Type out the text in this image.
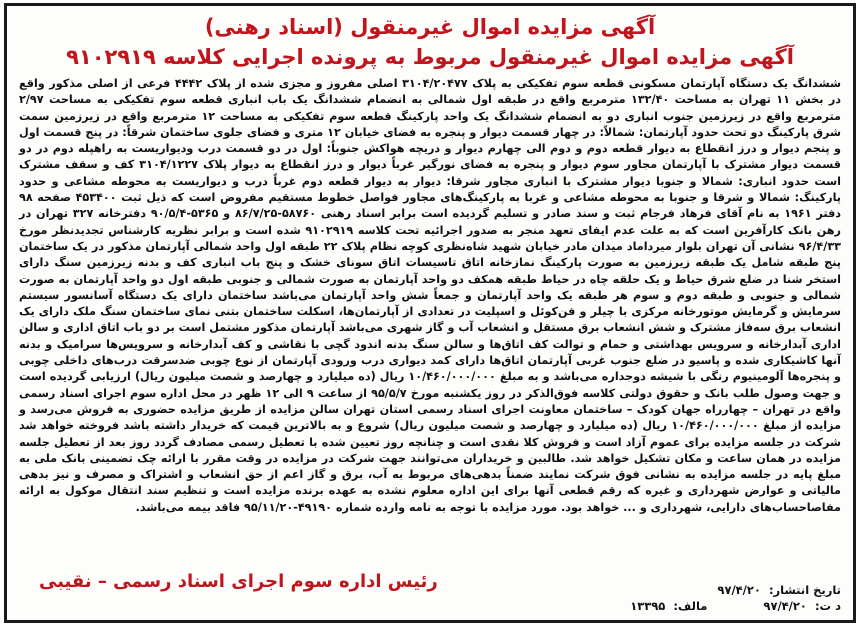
آگهی مزایده اموال غیرمنقول (اسناد رهنی)
آگهی مزایده اموال غیرمنقول مربوط به پرونده اجرایی کلاسه ۹۱۰۲۹۱۹

ششدانگ یک دستگاه آپارتمان مسکونی قطعه سوم تفکیکی به پلاک ۳۱۰۴/۲۰۴۷۷ اصلی مفروز و مجزی شده از پلاک ۴۴۴۲ فرعی از اصلی مذکور واقع در بخش ۱۱ تهران به مساحت ۱۳۲/۴۰ مترمربع واقع در طبقه اول شمالی به انضمام ششدانگ یک باب انباری قطعه سوم تفکیکی به مساحت ۲/۹۷ مترمربع واقع در زیرزمین جنوب انباری دو به انضمام ششدانگ یک واحد پارکینگ قطعه سوم تفکیکی به مساحت ۱۲ مترمربع واقع در زیرزمین سمت شرق پارکینگ دو تحت حدود آپارتمان: شمالاً: در چهار قسمت دیوار و پنجره به فضای خیابان ۱۲ متری و فضای جلوی ساختمان شرقاً: در پنج قسمت اول و پنجم دیوار و درز انقطاع به دیوار قطعه دوم و دوم الی چهارم دیوار و دریچه هواکش جنوباً: اول در دو قسمت درب ودیواریست به راهپله دوم در دو قسمت دیوار مشترک با آپارتمان مجاور سوم دیوار و پنجره به فضای نورگیر غرباً دیوار و درز انقطاع به دیوار پلاک ۳۱۰۴/۱۲۲۷ کف و سقف مشترک است حدود انباری: شمالا و جنوبا دیوار مشترک با انباری مجاور شرقا: دیوار به دیوار قطعه دوم غرباً درب و دیواریست به محوطه مشاعی و حدود پارکینگ: شمالا و شرقا و جنوبا به محوطه مشاعی و غربا به پارکینگ‌های مجاور فواصل خطوط مستقیم مفروض است که ذیل ثبت ۴۵۳۴۰۰ صفحه ۹۸ دفتر ۱۹۶۱ به نام آقای فرهاد فرجام ثبت و سند صادر و تسلیم گردیده است برابر اسناد رهنی ۵۸۷۶۰-۸۶/۷/۲۵ و ۵۳۶۵-۹۰/۵/۴ دفترخانه ۳۲۷ تهران در رهن بانک کارآفرین است که به علت عدم ایفای تعهد منجر به صدور اجرائیه تحت کلاسه ۹۱۰۲۹۱۹ شده است و برابر نظریه کارشناس تجدیدنظر مورخ ۹۶/۴/۳۳ نشانی آن تهران بلوار میرداماد میدان مادر خیابان شهید شاه‌نظری کوچه نظام پلاک ۲۲ طبقه اول واحد شمالی آپارتمان مذکور در یک ساختمان پنج طبقه شامل یک طبقه زیرزمین به صورت پارکینگ نمازخانه اتاق تاسیسات اتاق سونای خشک و پنج باب انباری کف و بدنه زیرزمین سنگ دارای استخر شنا در ضلع شرق حیاط و یک حلقه چاه در حیاط طبقه همکف دو واحد آپارتمان به صورت شمالی و جنوبی طبقه اول دو واحد آپارتمان به صورت شمالی و جنوبی و طبقه دوم و سوم هر طبقه یک واحد آپارتمان و جمعاً شش واحد آپارتمان می‌باشد ساختمان دارای یک دستگاه آسانسور سیستم سرمایش و گرمایش موتورخانه مرکزی با چیلر و فن‌کوئل و اسپلیت در تعدادی از آپارتمان‌ها، اسکلت ساختمان بتنی نمای ساختمان سنگ ملک دارای یک انشعاب برق سه‌فاز مشترک و شش انشعاب برق مستقل و انشعاب آب و گاز شهری می‌باشد آپارتمان مذکور مشتمل است بر دو باب اتاق اداری و سالن اداری آبدارخانه و سرویس بهداشتی و حمام و توالت کف اتاق‌ها و سالن سنگ بدنه اندود گچی با نقاشی و کف آبدارخانه و سرویس‌ها سرامیک و بدنه آنها کاشیکاری شده و پاسیو در ضلع جنوب غربی آپارتمان اتاق‌ها دارای کمد دیواری درب ورودی آپارتمان از نوع چوبی ضدسرقت درب‌های داخلی چوبی و پنجره‌ها آلومینیوم رنگی با شیشه دوجداره می‌باشد و به مبلغ ۱۰/۴۶۰/۰۰۰/۰۰۰ ریال (ده میلیارد و چهارصد و شصت میلیون ریال) ارزیابی گردیده است و جهت وصول طلب بانک و حقوق دولتی کلاسه فوق‌الذکر در روز یکشنبه مورخ ۹۵/۵/۷ از ساعت ۹ الی ۱۲ ظهر در محل اداره سوم اجرای اسناد رسمی واقع در تهران – چهارراه جهان کودک – ساختمان معاونت اجرای اسناد رسمی استان تهران سالن مزایده از طریق مزایده حضوری به فروش می‌رسد و مزایده از مبلغ ۱۰/۴۶۰/۰۰۰/۰۰۰ ریال (ده میلیارد و چهارصد و شصت میلیون ریال) شروع و به بالاترین قیمت که خریدار داشته باشد فروخته خواهد شد شرکت در جلسه مزایده برای عموم آزاد است و فروش کلا نقدی است و چنانچه روز تعیین شده با تعطیل رسمی مصادف گردد روز بعد از تعطیل جلسه مزایده در همان ساعت و مکان تشکیل خواهد شد. طالبین و خریداران می‌توانند جهت شرکت در مزایده در وقت مقرر با ارائه چک تضمینی بانک ملی به مبلغ پایه در جلسه مزایده به نشانی فوق شرکت نمایند ضمناً بدهی‌های مربوط به آب، برق و گاز اعم از حق انشعاب و اشتراک و مصرف و نیز بدهی مالیاتی و عوارض شهرداری و غیره که رقم قطعی آنها برای این اداره معلوم نشده به عهده برنده مزایده است و تنظیم سند انتقال موکول به ارائه مفاصاحساب‌های دارایی، شهرداری و ... خواهد بود. مورد مزایده با توجه به نامه وارده شماره ۴۹۱۹۰-۹۵/۱۱/۲۰ فاقد بیمه می‌باشد.

رئیس اداره سوم اجرای اسناد رسمی – نقیبی	تاریخ انتشار: ۹۷/۴/۲۰
د ت: ۹۷/۴/۲۰  مالف: ۱۳۳۹۵
